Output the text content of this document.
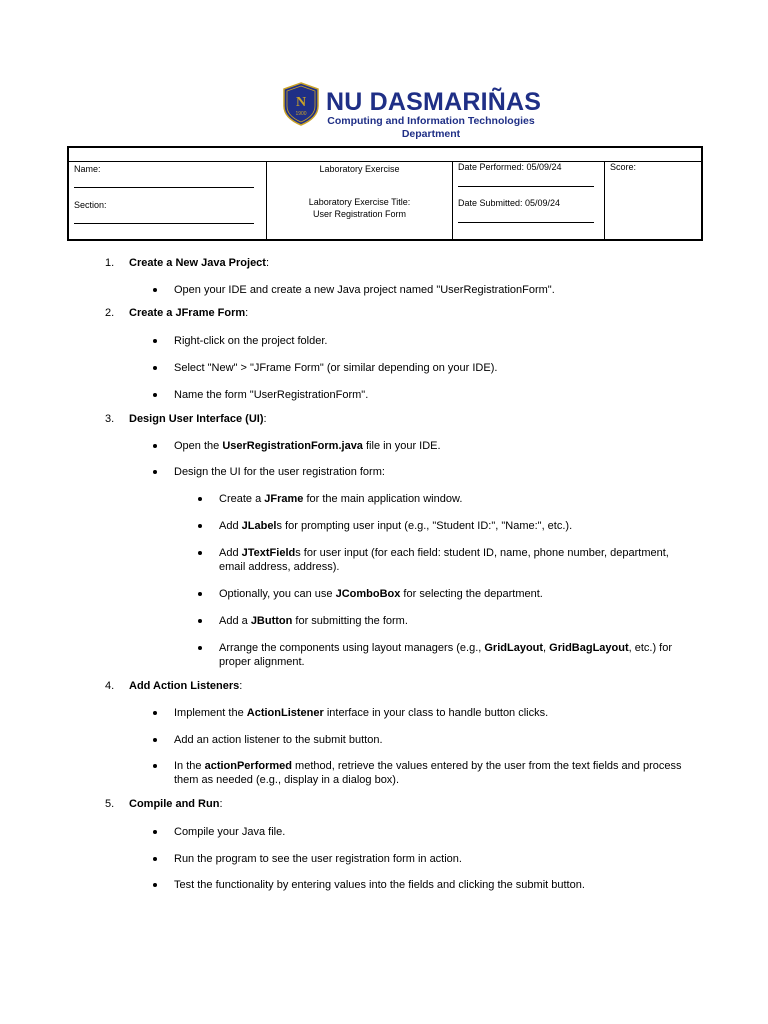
N
1900 NU DASMARIÑAS
Computing and Information Technologies
Department
Name:
Section:
Laboratory Exercise
Laboratory Exercise Title:
User Registration Form
Date Performed: 05/09/24
Date Submitted: 05/09/24
Score:
1. Create a New Java Project:
Open your IDE and create a new Java project named "UserRegistrationForm".
2. Create a JFrame Form:
Right-click on the project folder.
Select "New" > "JFrame Form" (or similar depending on your IDE).
Name the form "UserRegistrationForm".
3. Design User Interface (UI):
Open the UserRegistrationForm.java file in your IDE.
Design the UI for the user registration form:
Create a JFrame for the main application window.
Add JLabels for prompting user input (e.g., "Student ID:", "Name:", etc.).
Add JTextFields for user input (for each field: student ID, name, phone number, department, email address, address).
Optionally, you can use JComboBox for selecting the department.
Add a JButton for submitting the form.
Arrange the components using layout managers (e.g., GridLayout, GridBagLayout, etc.) for proper alignment.
4. Add Action Listeners:
Implement the ActionListener interface in your class to handle button clicks.
Add an action listener to the submit button.
In the actionPerformed method, retrieve the values entered by the user from the text fields and process them as needed (e.g., display in a dialog box).
5. Compile and Run:
Compile your Java file.
Run the program to see the user registration form in action.
Test the functionality by entering values into the fields and clicking the submit button.
